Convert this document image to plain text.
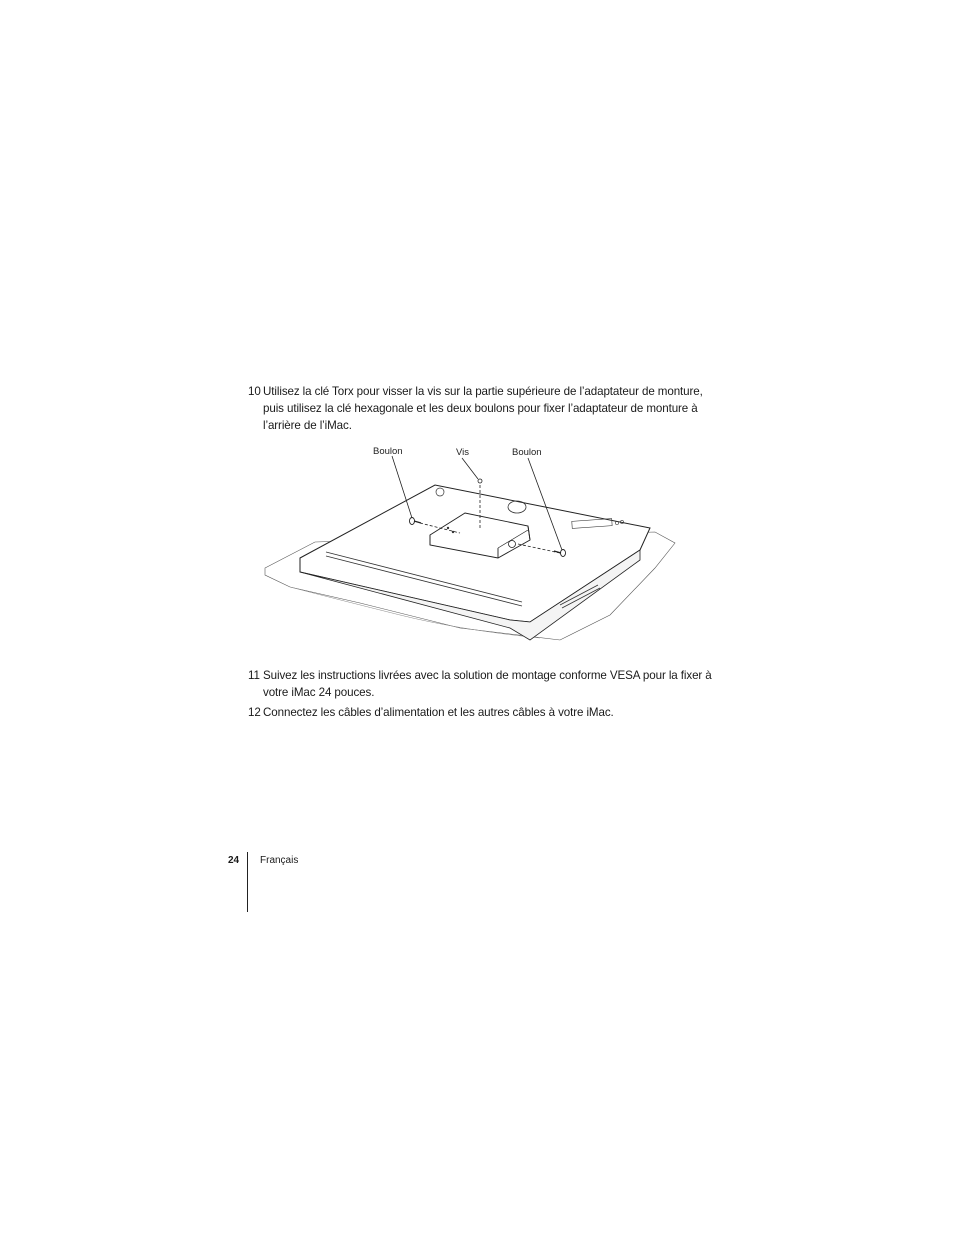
10 Utilisez la clé Torx pour visser la vis sur la partie supérieure de l’adaptateur de monture, puis utilisez la clé hexagonale et les deux boulons pour fixer l’adaptateur de monture à l’arrière de l’iMac.
Boulon	Vis	Boulon
11 Suivez les instructions livrées avec la solution de montage conforme VESA pour la fixer à votre iMac 24 pouces.
12 Connectez les câbles d’alimentation et les autres câbles à votre iMac.
24 Français
